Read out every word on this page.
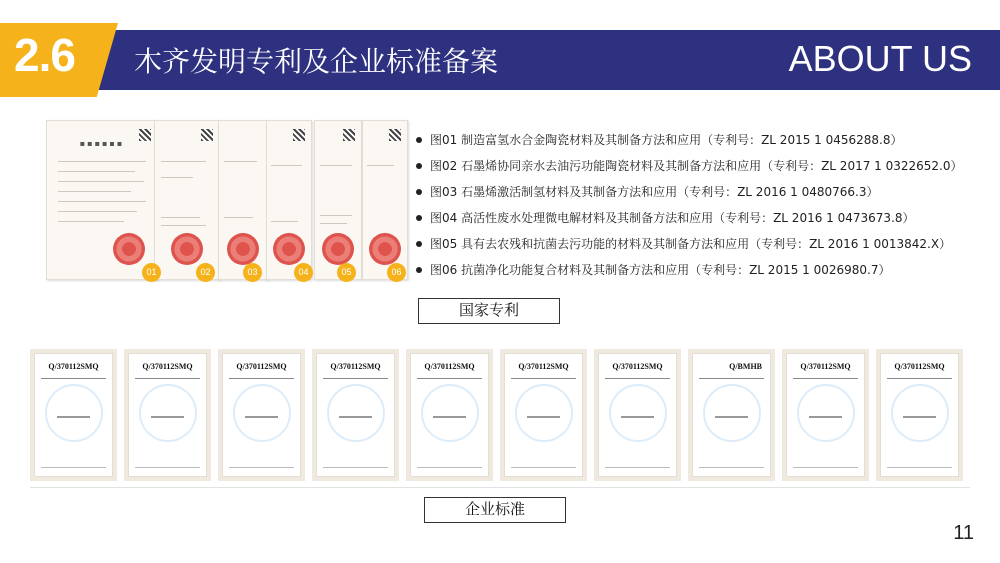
2.6 木齐发明专利及企业标准备案	ABOUT US
▪▪▪▪▪▪
01	02	03	04	05	06
图01 制造富氢水合金陶瓷材料及其制备方法和应用（专利号：ZL 2015 1 0456288.8）
图02 石墨烯协同亲水去油污功能陶瓷材料及其制备方法和应用（专利号：ZL 2017 1 0322652.0）
图03 石墨烯激活制氢材料及其制备方法和应用（专利号：ZL 2016 1 0480766.3）
图04 高活性废水处理微电解材料及其制备方法和应用（专利号：ZL 2016 1 0473673.8）
图05 具有去农残和抗菌去污功能的材料及其制备方法和应用（专利号：ZL 2016 1 0013842.X）
图06 抗菌净化功能复合材料及其制备方法和应用（专利号：ZL 2015 1 0026980.7）
国家专利
Q/370112SMQ	Q/370112SMQ	Q/370112SMQ	Q/370112SMQ	Q/370112SMQ	Q/370112SMQ	Q/370112SMQ	Q/BMHB	Q/370112SMQ	Q/370112SMQ
企业标准
11
